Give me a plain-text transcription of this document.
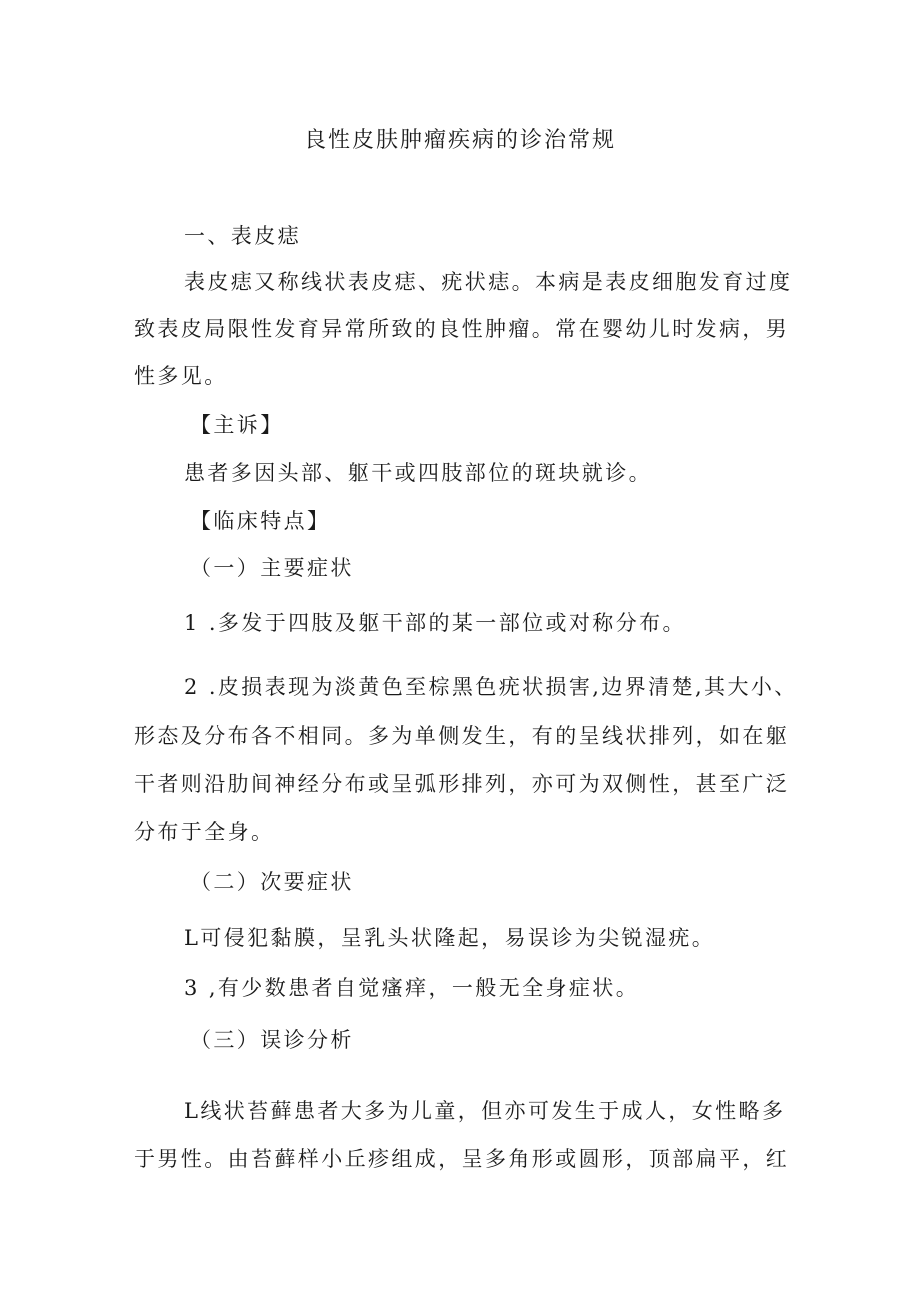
良性皮肤肿瘤疾病的诊治常规
一、表皮痣
表皮痣又称线状表皮痣、疣状痣。本病是表皮细胞发育过度
致表皮局限性发育异常所致的良性肿瘤。常在婴幼儿时发病，男
性多见。
【主诉】
患者多因头部、躯干或四肢部位的斑块就诊。
【临床特点】
（一）主要症状
1 .多发于四肢及躯干部的某一部位或对称分布。
2 .皮损表现为淡黄色至棕黑色疣状损害,边界清楚,其大小、
形态及分布各不相同。多为单侧发生，有的呈线状排列，如在躯
干者则沿肋间神经分布或呈弧形排列，亦可为双侧性，甚至广泛
分布于全身。
（二）次要症状
L可侵犯黏膜，呈乳头状隆起，易误诊为尖锐湿疣。
3 ,有少数患者自觉瘙痒，一般无全身症状。
（三）误诊分析
L线状苔藓患者大多为儿童，但亦可发生于成人，女性略多
于男性。由苔藓样小丘疹组成，呈多角形或圆形，顶部扁平，红
